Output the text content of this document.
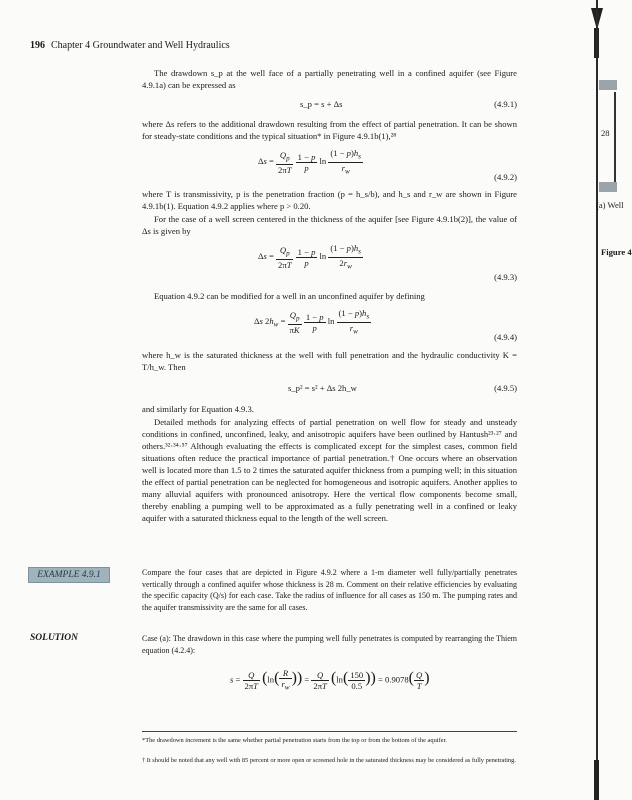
196 Chapter 4 Groundwater and Well Hydraulics
The drawdown s_p at the well face of a partially penetrating well in a confined aquifer (see Figure 4.9.1a) can be expressed as
s_p = s + Δs	(4.9.1)
where Δs refers to the additional drawdown resulting from the effect of partial penetration. It can be shown for steady-state conditions and the typical situation* in Figure 4.9.1b(1),²⁸
$\Delta s = \frac{Q_p}{2\pi T}$
$\frac{1 - p}{p}$ $\ln \frac{(1 - p)h_s}{r_w}$
(4.9.2)
where T is transmissivity, p is the penetration fraction (p = h_s/b), and h_s and r_w are shown in Figure 4.9.1b(1). Equation 4.9.2 applies where p > 0.20.
For the case of a well screen centered in the thickness of the aquifer [see Figure 4.9.1b(2)], the value of Δs is given by
$\Delta s = \frac{Q_p}{2\pi T}$
$\frac{1 - p}{p}$ $\ln \frac{(1 - p)h_s}{2r_w}$
(4.9.3)
Equation 4.9.2 can be modified for a well in an unconfined aquifer by defining
Δs $2h_w = \frac{Q_p}{\pi K}$
$\frac{1 - p}{p}$ $\ln \frac{(1 - p)h_s}{r_w}$
(4.9.4)
where h_w is the saturated thickness at the well with full penetration and the hydraulic conductivity K = T/h_w. Then
s_p² = s² + Δs 2h_w	(4.9.5)
and similarly for Equation 4.9.3.
Detailed methods for analyzing effects of partial penetration on well flow for steady and unsteady conditions in confined, unconfined, leaky, and anisotropic aquifers have been outlined by Hantush²³·²⁷ and others.³²·³⁴·⁵⁷ Although evaluating the effects is complicated except for the simplest cases, common field situations often reduce the practical importance of partial penetration.† One occurs where an observation well is located more than 1.5 to 2 times the saturated aquifer thickness from a pumping well; in this situation the effect of partial penetration can be neglected for homogeneous and isotropic aquifers. Another applies to many alluvial aquifers with pronounced anisotropy. Here the vertical flow components become small, thereby enabling a pumping well to be approximated as a fully penetrating well in a confined or leaky aquifer with a saturated thickness equal to the length of the well screen.
EXAMPLE 4.9.1	Compare the four cases that are depicted in Figure 4.9.2 where a 1-m diameter well fully/partially penetrates vertically through a confined aquifer whose thickness is 28 m. Comment on their relative efficiencies by evaluating the specific capacity (Q/s) for each case. Take the radius of influence for all cases as 150 m. The pumping rates and the aquifer transmissivity are the same for all cases.
SOLUTION	Case (a): The drawdown in this case where the pumping well fully penetrates is computed by rearranging the Thiem equation (4.2.4):
$s = \frac{Q}{2\pi T} (\ln( \frac{R}{r_w}$ )) = $\frac{Q}{2\pi T} (\ln( \frac{150}{0.5}$ )) = $0.9078( \frac{Q}{T}$ )
*The drawdown increment is the same whether partial penetration starts from the top or from the bottom of the aquifer.
† It should be noted that any well with 85 percent or more open or screened hole in the saturated thickness may be considered as fully penetrating.
28
(a) Well
Figure 4
